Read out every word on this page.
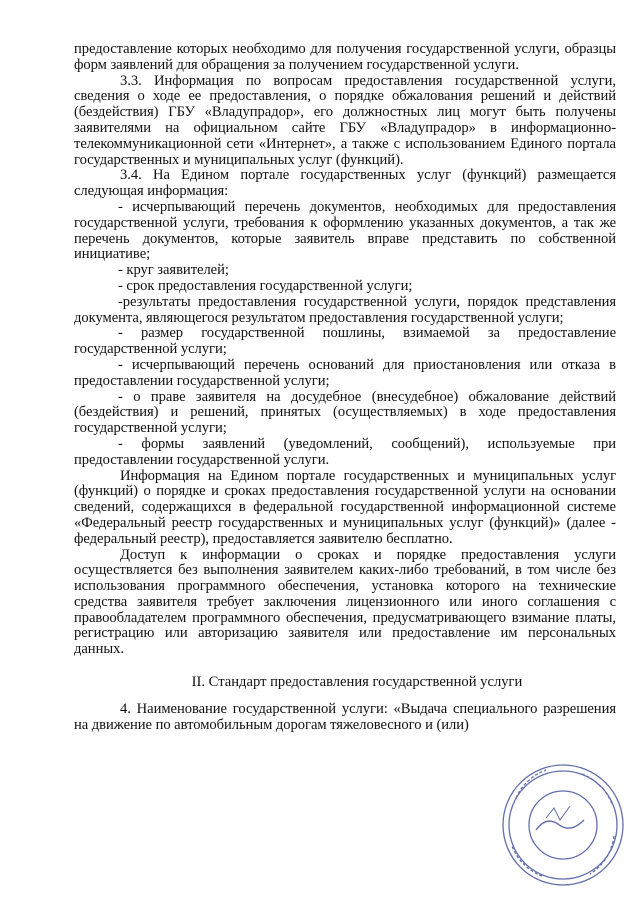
предоставление которых необходимо для получения государственной услуги, образцы форм заявлений для обращения за получением государственной услуги.

3.3. Информация по вопросам предоставления государственной услуги, сведения о ходе ее предоставления, о порядке обжалования решений и действий (бездействия) ГБУ «Владупрадор», его должностных лиц могут быть получены заявителями на официальном сайте ГБУ «Владупрадор» в информационно-телекоммуникационной сети «Интернет», а также с использованием Единого портала государственных и муниципальных услуг (функций).

3.4. На Едином портале государственных услуг (функций) размещается следующая информация:

- исчерпывающий перечень документов, необходимых для предоставления государственной услуги, требования к оформлению указанных документов, а так же перечень документов, которые заявитель вправе представить по собственной инициативе;

- круг заявителей;

- срок предоставления государственной услуги;

-результаты предоставления государственной услуги, порядок представления документа, являющегося результатом предоставления государственной услуги;

- размер государственной пошлины, взимаемой за предоставление государственной услуги;

- исчерпывающий перечень оснований для приостановления или отказа в предоставлении государственной услуги;

- о праве заявителя на досудебное (внесудебное) обжалование действий (бездействия) и решений, принятых (осуществляемых) в ходе предоставления государственной услуги;

- формы заявлений (уведомлений, сообщений), используемые при предоставлении государственной услуги.

Информация на Едином портале государственных и муниципальных услуг (функций) о порядке и сроках предоставления государственной услуги на основании сведений, содержащихся в федеральной государственной информационной системе «Федеральный реестр государственных и муниципальных услуг (функций)» (далее - федеральный реестр), предоставляется заявителю бесплатно.

Доступ к информации о сроках и порядке предоставления услуги осуществляется без выполнения заявителем каких-либо требований, в том числе без использования программного обеспечения, установка которого на технические средства заявителя требует заключения лицензионного или иного соглашения с правообладателем программного обеспечения, предусматривающего взимание платы, регистрацию или авторизацию заявителя или предоставление им персональных данных.

II. Стандарт предоставления государственной услуги

4. Наименование государственной услуги: «Выдача специального разрешения на движение по автомобильным дорогам тяжеловесного и (или)
